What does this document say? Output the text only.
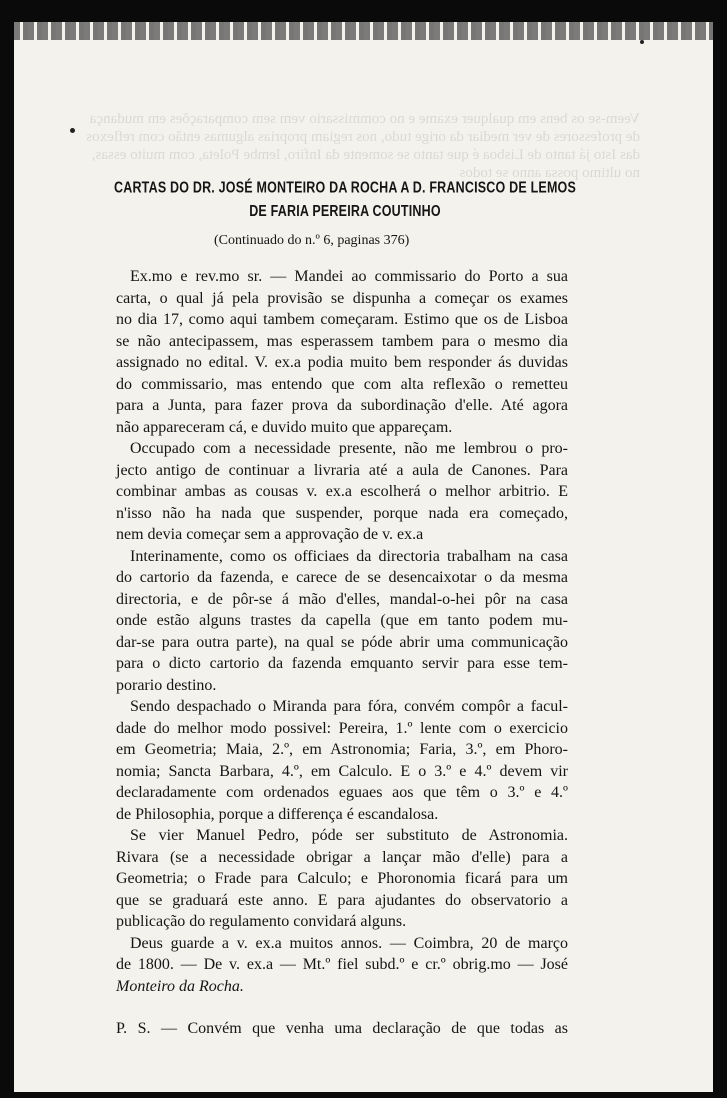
Veem-se os bens em qualquer exame e no commissario vem sem comparações em mudança de professores de ver mediar da orige tudo, nos regiam proprias algumas então com reflexos das Isto já tanto de Lisboa é que tanto se somente da Infiro, lembe Poleta, com muito essas, no ultimo possa anno se todos
CARTAS DO DR. JOSÉ MONTEIRO DA ROCHA A D. FRANCISCO DE LEMOS
DE FARIA PEREIRA COUTINHO
(Continuado do n.º 6, paginas 376)
Ex.mo e rev.mo sr. — Mandei ao commissario do Porto a sua
carta, o qual já pela provisão se dispunha a começar os exames
no dia 17, como aqui tambem começaram. Estimo que os de Lisboa
se não antecipassem, mas esperassem tambem para o mesmo dia
assignado no edital. V. ex.a podia muito bem responder ás duvidas
do commissario, mas entendo que com alta reflexão o remetteu
para a Junta, para fazer prova da subordinação d'elle. Até agora
não appareceram cá, e duvido muito que appareçam.
Occupado com a necessidade presente, não me lembrou o pro-
jecto antigo de continuar a livraria até a aula de Canones. Para
combinar ambas as cousas v. ex.a escolherá o melhor arbitrio. E
n'isso não ha nada que suspender, porque nada era começado,
nem devia começar sem a approvação de v. ex.a
Interinamente, como os officiaes da directoria trabalham na casa
do cartorio da fazenda, e carece de se desencaixotar o da mesma
directoria, e de pôr-se á mão d'elles, mandal-o-hei pôr na casa
onde estão alguns trastes da capella (que em tanto podem mu-
dar-se para outra parte), na qual se póde abrir uma communicação
para o dicto cartorio da fazenda emquanto servir para esse tem-
porario destino.
Sendo despachado o Miranda para fóra, convém compôr a facul-
dade do melhor modo possivel: Pereira, 1.º lente com o exercicio
em Geometria; Maia, 2.º, em Astronomia; Faria, 3.º, em Phoro-
nomia; Sancta Barbara, 4.º, em Calculo. E o 3.º e 4.º devem vir
declaradamente com ordenados eguaes aos que têm o 3.º e 4.º
de Philosophia, porque a differença é escandalosa.
Se vier Manuel Pedro, póde ser substituto de Astronomia.
Rivara (se a necessidade obrigar a lançar mão d'elle) para a
Geometria; o Frade para Calculo; e Phoronomia ficará para um
que se graduará este anno. E para ajudantes do observatorio a
publicação do regulamento convidará alguns.
Deus guarde a v. ex.a muitos annos. — Coimbra, 20 de março
de 1800. — De v. ex.a — Mt.º fiel subd.º e cr.º obrig.mo — José
Monteiro da Rocha.
P. S. — Convém que venha uma declaração de que todas as
